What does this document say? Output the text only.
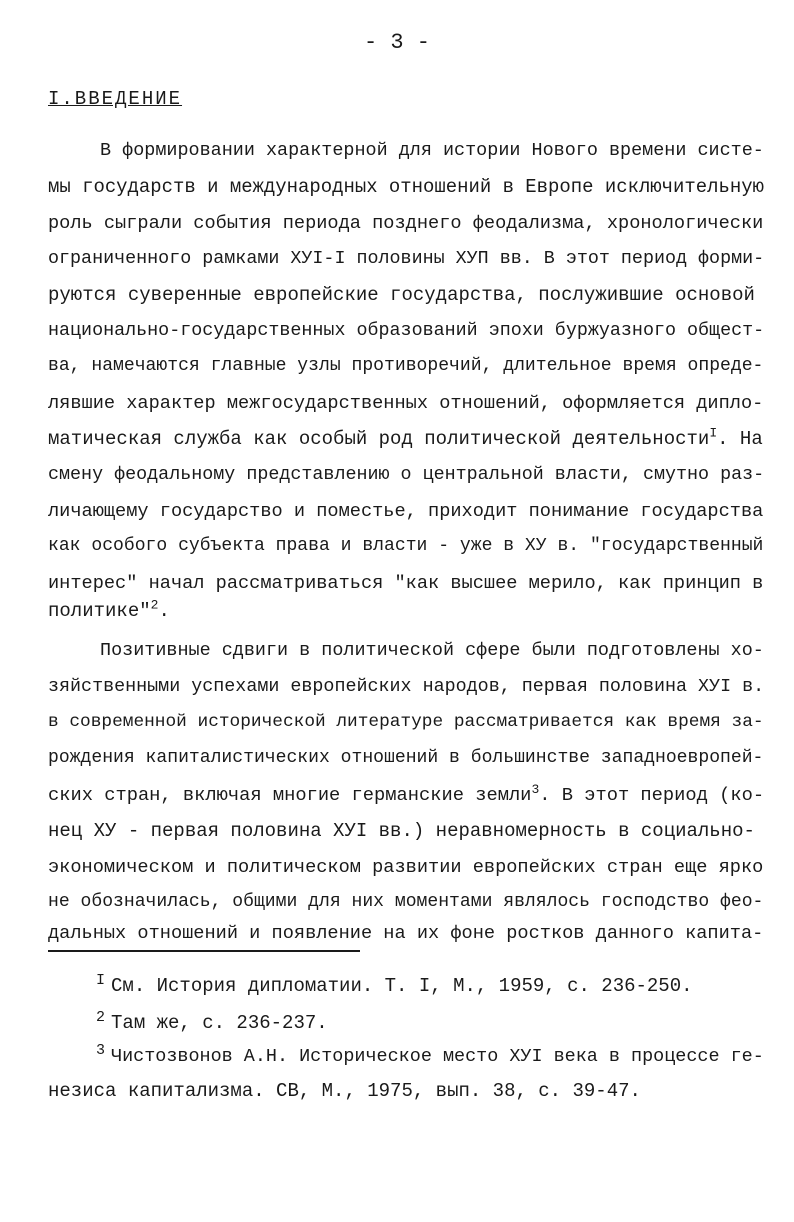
- 3 -
I.ВВЕДЕНИЕ
В формировании характерной для истории Нового времени систе-
мы государств и международных отношений в Европе исключительную
роль сыграли события периода позднего феодализма, хронологически
ограниченного рамками ХУI-I половины ХУП вв. В этот период форми-
руются суверенные европейские государства, послужившие основой
национально-государственных образований эпохи буржуазного общест-
ва, намечаются главные узлы противоречий, длительное время опреде-
лявшие характер межгосударственных отношений, оформляется дипло-
матическая служба как особый род политической деятельности$^I$. На
смену феодальному представлению о центральной власти, смутно раз-
личающему государство и поместье, приходит понимание государства
как особого субъекта права и власти - уже в ХУ в. "государственный
интерес" начал рассматриваться "как высшее мерило, как принцип в
политике"$^2$.
Позитивные сдвиги в политической сфере были подготовлены хо-
зяйственными успехами европейских народов, первая половина ХУI в.
в современной исторической литературе рассматривается как время за-
рождения капиталистических отношений в большинстве западноевропей-
ских стран, включая многие германские земли$^3$. В этот период (ко-
нец ХУ - первая половина ХУI вв.) неравномерность в социально-
экономическом и политическом развитии европейских стран еще ярко
не обозначилась, общими для них моментами являлось господство фео-
дальных отношений и появление на их фоне ростков данного капита-
$^I$ См. История дипломатии. Т. I, М., 1959, с. 236-250.
$^2$ Там же, с. 236-237.
$^3$ Чистозвонов А.Н. Историческое место ХУI века в процессе ге-
незиса капитализма. СВ, М., 1975, вып. 38, с. 39-47.
